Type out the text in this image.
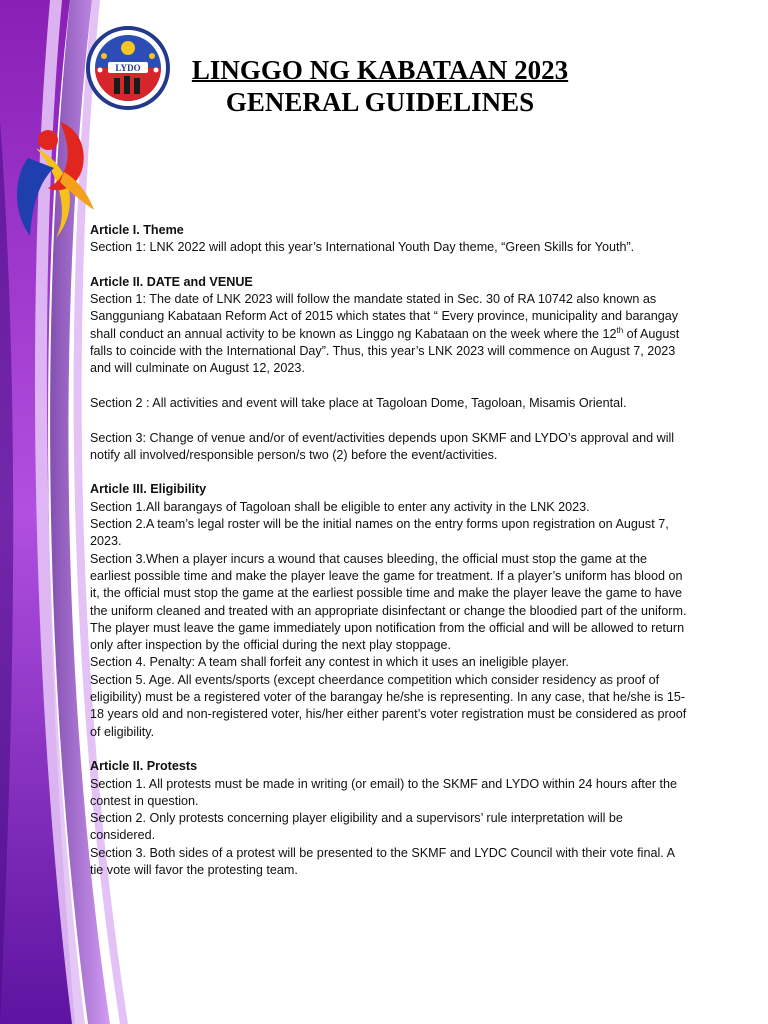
LYDO	LINGGO NG KABATAAN 2023
GENERAL GUIDELINES

Article I. Theme

Section 1: LNK 2022 will adopt this year’s International Youth Day theme, “Green Skills for Youth”.

Article II. DATE and VENUE

Section 1: The date of LNK 2023 will follow the mandate stated in Sec. 30 of RA 10742 also known as Sangguniang Kabataan Reform Act of 2015 which states that “ Every province, municipality and barangay shall conduct an annual activity to be known as Linggo ng Kabataan on the week where the 12th of August falls to coincide with the International Day”. Thus, this year’s LNK 2023 will commence on August 7, 2023 and will culminate on August 12, 2023.

Section 2 : All activities and event will take place at Tagoloan Dome, Tagoloan, Misamis Oriental.

Section 3: Change of venue and/or of event/activities depends upon SKMF and LYDO’s approval and will notify all involved/responsible person/s two (2) before the event/activities.

Article III. Eligibility

Section 1.All barangays of Tagoloan shall be eligible to enter any activity in the LNK 2023.

Section 2.A team’s legal roster will be the initial names on the entry forms upon registration on August 7, 2023.

Section 3.When a player incurs a wound that causes bleeding, the official must stop the game at the earliest possible time and make the player leave the game for treatment. If a player’s uniform has blood on it, the official must stop the game at the earliest possible time and make the player leave the game to have the uniform cleaned and treated with an appropriate disinfectant or change the bloodied part of the uniform. The player must leave the game immediately upon notification from the official and will be allowed to return only after inspection by the official during the next play stoppage.

Section 4. Penalty: A team shall forfeit any contest in which it uses an ineligible player.

Section 5. Age. All events/sports (except cheerdance competition which consider residency as proof of eligibility) must be a registered voter of the barangay he/she is representing. In any case, that he/she is 15-18 years old and non-registered voter, his/her either parent’s voter registration must be considered as proof of eligibility.

Article II. Protests

Section 1. All protests must be made in writing (or email) to the SKMF and LYDO within 24 hours after the contest in question.

Section 2. Only protests concerning player eligibility and a supervisors’ rule interpretation will be considered.

Section 3. Both sides of a protest will be presented to the SKMF and LYDC Council with their vote final. A tie vote will favor the protesting team.
